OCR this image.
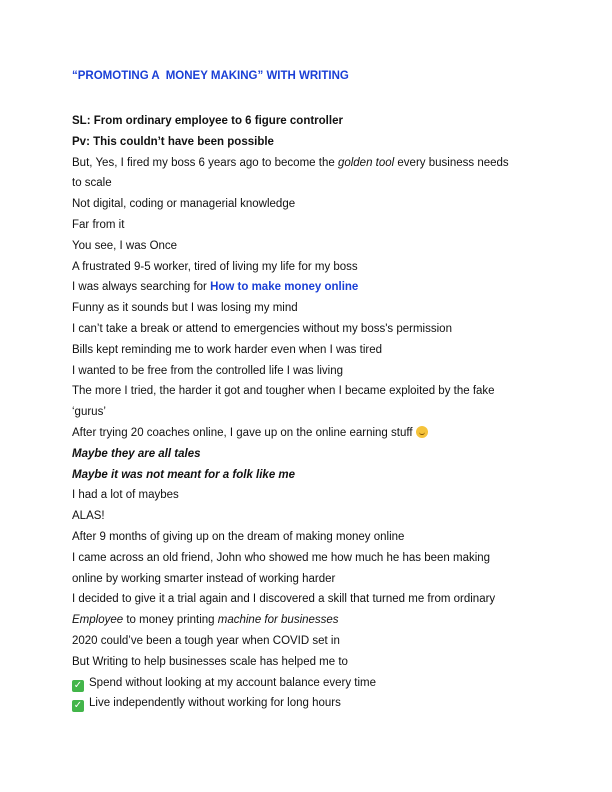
“PROMOTING A  MONEY MAKING” WITH WRITING
SL: From ordinary employee to 6 figure controller
Pv: This couldn’t have been possible
But, Yes, I fired my boss 6 years ago to become the golden tool every business needs
to scale
Not digital, coding or managerial knowledge
Far from it
You see, I was Once
A frustrated 9-5 worker, tired of living my life for my boss
I was always searching for How to make money online
Funny as it sounds but I was losing my mind
I can’t take a break or attend to emergencies without my boss's permission
Bills kept reminding me to work harder even when I was tired
I wanted to be free from the controlled life I was living
The more I tried, the harder it got and tougher when I became exploited by the fake
‘gurus’
After trying 20 coaches online, I gave up on the online earning stuff
Maybe they are all tales
Maybe it was not meant for a folk like me
I had a lot of maybes
ALAS!
After 9 months of giving up on the dream of making money online
I came across an old friend, John who showed me how much he has been making
online by working smarter instead of working harder
I decided to give it a trial again and I discovered a skill that turned me from ordinary
Employee to money printing machine for businesses
2020 could’ve been a tough year when COVID set in
But Writing to help businesses scale has helped me to
✓ Spend without looking at my account balance every time
✓ Live independently without working for long hours
